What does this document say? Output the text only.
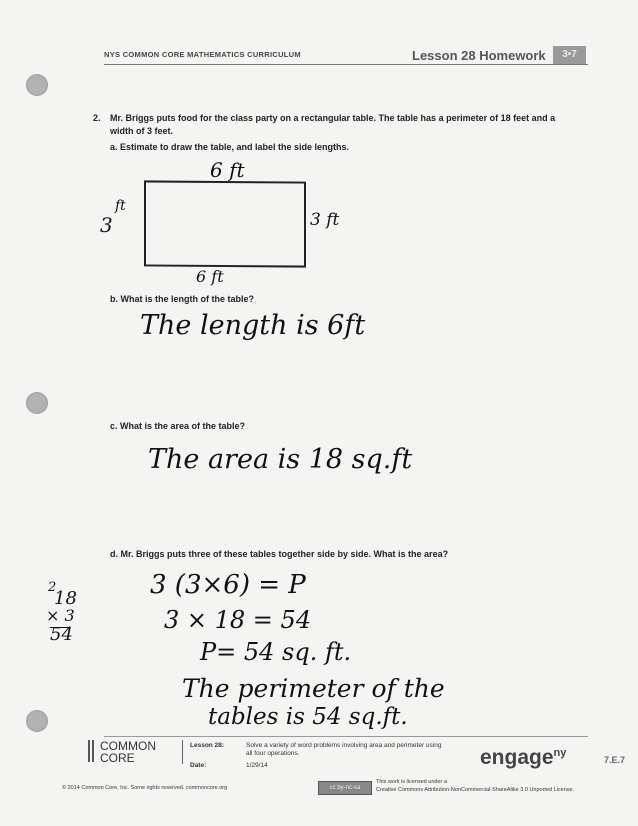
NYS COMMON CORE MATHEMATICS CURRICULUM	Lesson 28 Homework	3•7
2. Mr. Briggs puts food for the class party on a rectangular table. The table has a perimeter of 18 feet and a
width of 3 feet.
a. Estimate to draw the table, and label the side lengths.
6 ft
6 ft
ft
3	3 ft
b. What is the length of the table?
The length is 6ft
c. What is the area of the table?
The area is 18 sq.ft
d. Mr. Briggs puts three of these tables together side by side. What is the area?
2
18
× 3
54
3 (3×6) = P
3 × 18 = 54
P= 54 sq. ft.
The perimeter of the
tables is 54 sq.ft.
COMMON
CORE
Lesson 28:
Date:
Solve a variety of word problems involving area and perimeter using all four operations.
1/29/14	engage$^{ny}$
7.E.7
© 2014 Common Core, Inc. Some rights reserved. commoncore.org	cc by-nc-sa
This work is licensed under a
Creative Commons Attribution-NonCommercial-ShareAlike 3.0 Unported License.
